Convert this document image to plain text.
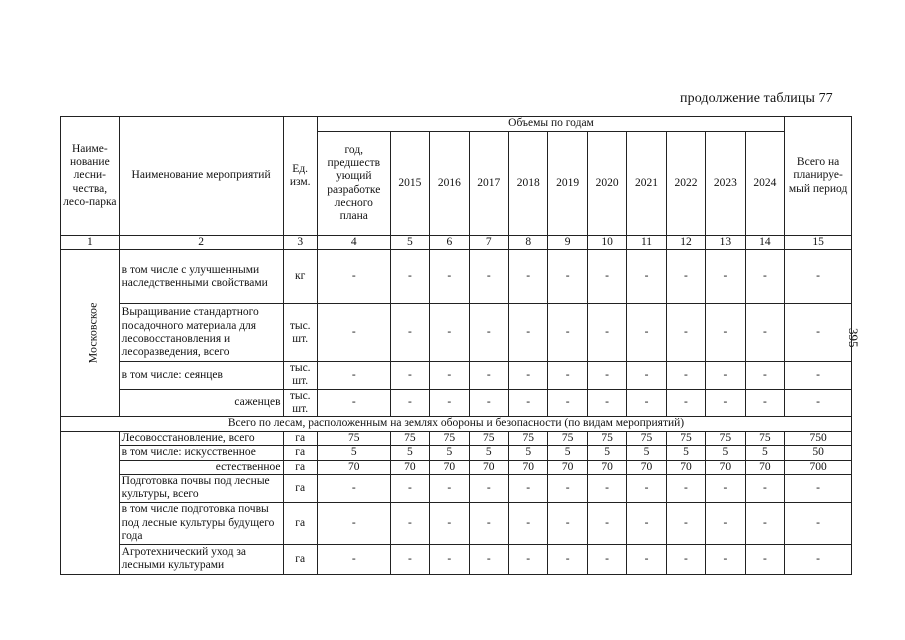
продолжение таблицы 77
395
Наиме-нование лесни-чества, лесо-парка	Наименование мероприятий	Ед. изм.	Объемы по годам											Всего на планируе-мый период
			год, предшеств ующий разработке лесного плана	2015	2016	2017	2018	2019	2020	2021	2022	2023	2024	
1	2	3	4	5	6	7	8	9	10	11	12	13	14	15
Московское	в том числе с улучшенными наследственными свойствами	кг	-	-	-	-	-	-	-	-	-	-	-	-
	Выращивание стандартного посадочного материала для лесовосстановления и лесоразведения, всего	тыс. шт.	-	-	-	-	-	-	-	-	-	-	-	-
	в том числе: сеянцев	тыс. шт.	-	-	-	-	-	-	-	-	-	-	-	-
	саженцев	тыс. шт.	-	-	-	-	-	-	-	-	-	-	-	-
Всего по лесам, расположенным на землях обороны и безопасности (по видам мероприятий)														
	Лесовосстановление, всего	га	75	75	75	75	75	75	75	75	75	75	75	750
	в том числе: искусственное	га	5	5	5	5	5	5	5	5	5	5	5	50
	естественное	га	70	70	70	70	70	70	70	70	70	70	70	700
	Подготовка почвы под лесные культуры, всего	га	-	-	-	-	-	-	-	-	-	-	-	-
	в том числе подготовка почвы под лесные культуры будущего года	га	-	-	-	-	-	-	-	-	-	-	-	-
	Агротехнический уход за лесными культурами	га	-	-	-	-	-	-	-	-	-	-	-	-
